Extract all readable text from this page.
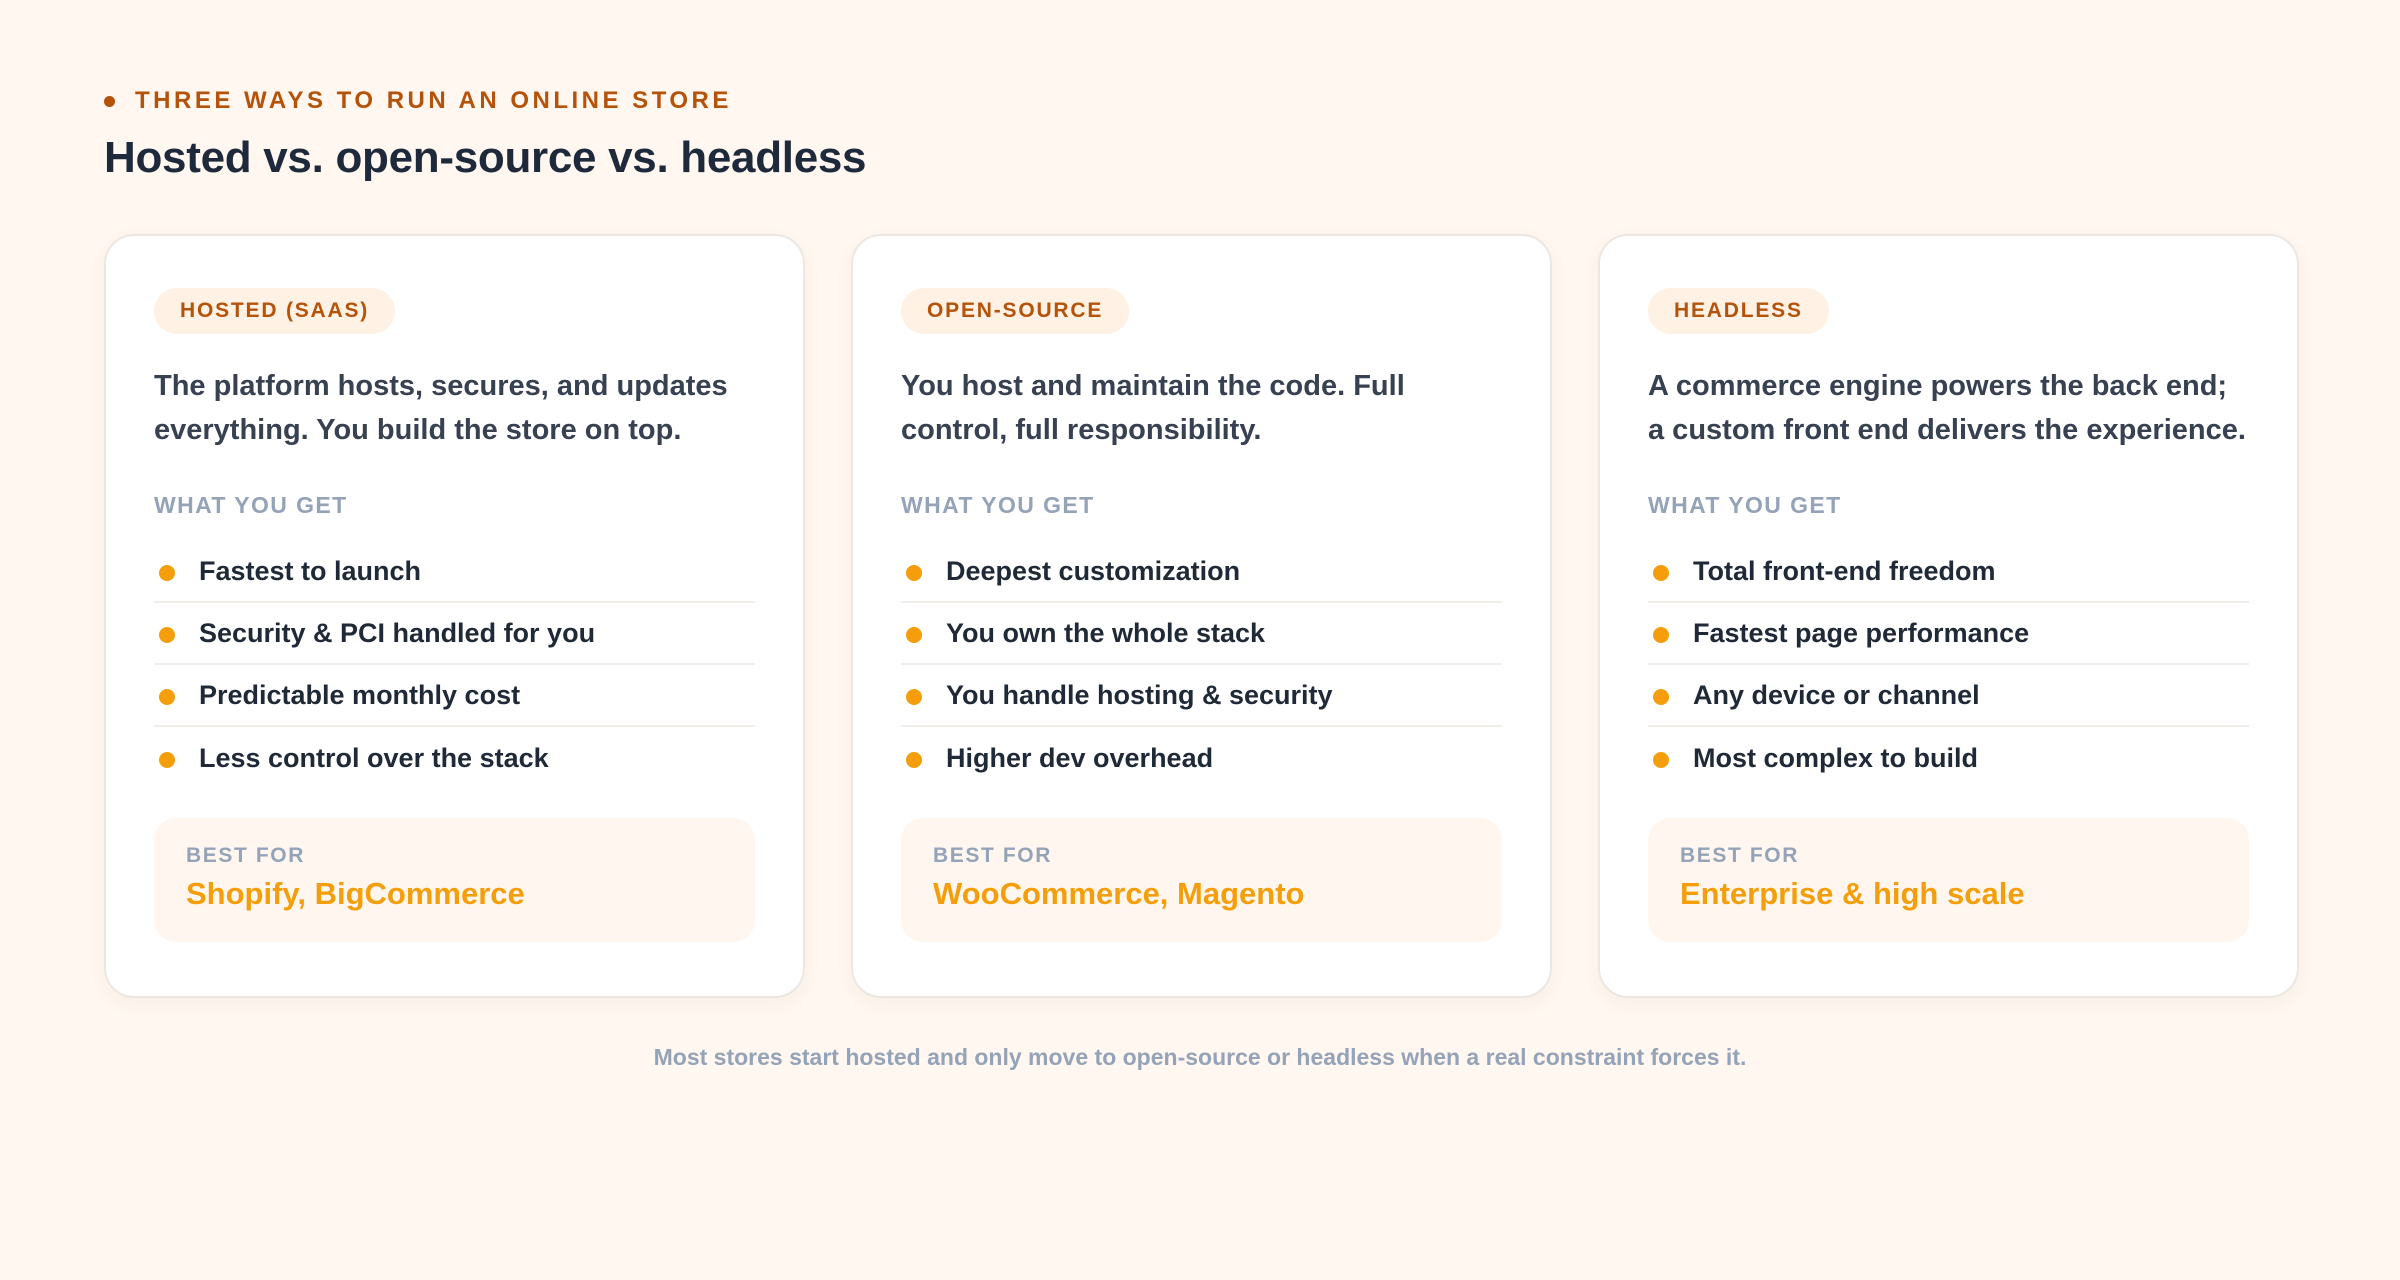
THREE WAYS TO RUN AN ONLINE STORE
Hosted vs. open-source vs. headless
HOSTED (SAAS)

The platform hosts, secures, and updates everything. You build the store on top.

WHAT YOU GET
Fastest to launch
Security & PCI handled for you
Predictable monthly cost
Less control over the stack
BEST FOR
Shopify, BigCommerce
OPEN-SOURCE

You host and maintain the code. Full control, full responsibility.

WHAT YOU GET
Deepest customization
You own the whole stack
You handle hosting & security
Higher dev overhead
BEST FOR
WooCommerce, Magento
HEADLESS

A commerce engine powers the back end; a custom front end delivers the experience.

WHAT YOU GET
Total front-end freedom
Fastest page performance
Any device or channel
Most complex to build
BEST FOR
Enterprise & high scale

Most stores start hosted and only move to open-source or headless when a real constraint forces it.
